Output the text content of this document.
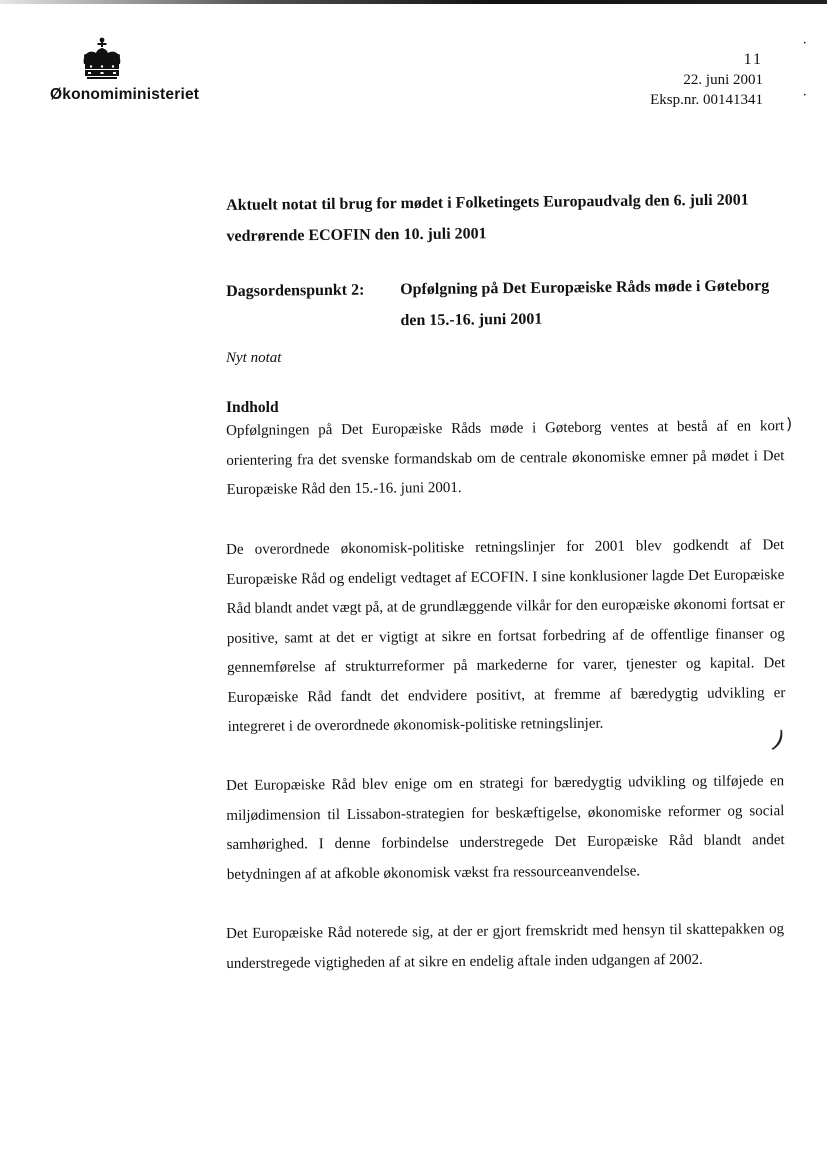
Økonomiministeriet
11
22. juni 2001
Eksp.nr. 00141341

Aktuelt notat til brug for mødet i Folketingets Europaudvalg den 6. juli 2001 vedrørende ECOFIN den 10. juli 2001

Dagsordenspunkt 2:	Opfølgning på Det Europæiske Råds møde i Gøteborg den 15.-16. juni 2001
Nyt notat
Indhold

Opfølgningen på Det Europæiske Råds møde i Gøteborg ventes at bestå af en kort orientering fra det svenske formandskab om de centrale økonomiske emner på mødet i Det Europæiske Råd den 15.-16. juni 2001.

De overordnede økonomisk-politiske retningslinjer for 2001 blev godkendt af Det Europæiske Råd og endeligt vedtaget af ECOFIN. I sine konklusioner lagde Det Europæiske Råd blandt andet vægt på, at de grundlæggende vilkår for den europæiske økonomi fortsat er positive, samt at det er vigtigt at sikre en fortsat forbedring af de offentlige finanser og gennemførelse af strukturreformer på markederne for varer, tjenester og kapital. Det Europæiske Råd fandt det endvidere positivt, at fremme af bæredygtig udvikling er integreret i de overordnede økonomisk-politiske retningslinjer.

Det Europæiske Råd blev enige om en strategi for bæredygtig udvikling og tilføjede en miljødimension til Lissabon-strategien for beskæftigelse, økonomiske reformer og social samhørighed. I denne forbindelse understregede Det Europæiske Råd blandt andet betydningen af at afkoble økonomisk vækst fra ressourceanvendelse.

Det Europæiske Råd noterede sig, at der er gjort fremskridt med hensyn til skattepakken og understregede vigtigheden af at sikre en endelig aftale inden udgangen af 2002.

)
)
•
•
